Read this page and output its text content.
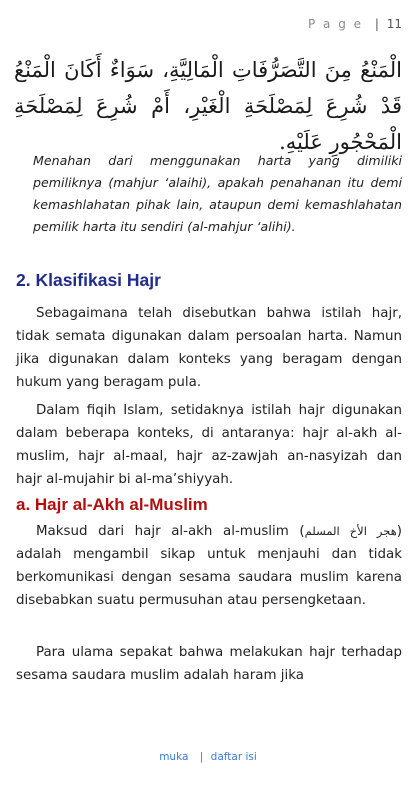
P a g e | 11
الْمَنْعُ مِنَ التَّصَرُّفَاتِ الْمَالِيَّةِ، سَوَاءٌ أَكَانَ الْمَنْعُ قَدْ شُرِعَ لِمَصْلَحَةِ الْغَيْرِ، أَمْ شُرِعَ لِمَصْلَحَةِ الْمَحْجُورِ عَلَيْهِ.
Menahan dari menggunakan harta yang dimiliki pemiliknya (mahjur ‘alaihi), apakah penahanan itu demi kemashlahatan pihak lain, ataupun demi kemashlahatan pemilik harta itu sendiri (al-mahjur ‘alihi).
2. Klasifikasi Hajr

Sebagaimana telah disebutkan bahwa istilah hajr, tidak semata digunakan dalam persoalan harta. Namun jika digunakan dalam konteks yang beragam dengan hukum yang beragam pula.

Dalam fiqih Islam, setidaknya istilah hajr digunakan dalam beberapa konteks, di antaranya: hajr al-akh al-muslim, hajr al-maal, hajr az-zawjah an-nasyizah dan hajr al-mujahir bi al-ma’shiyyah.

a. Hajr al-Akh al-Muslim

Maksud dari hajr al-akh al-muslim (هجر الأخ المسلم) adalah mengambil sikap untuk menjauhi dan tidak berkomunikasi dengan sesama saudara muslim karena disebabkan suatu permusuhan atau persengketaan.

Para ulama sepakat bahwa melakukan hajr terhadap sesama saudara muslim adalah haram jika

muka | daftar isi
